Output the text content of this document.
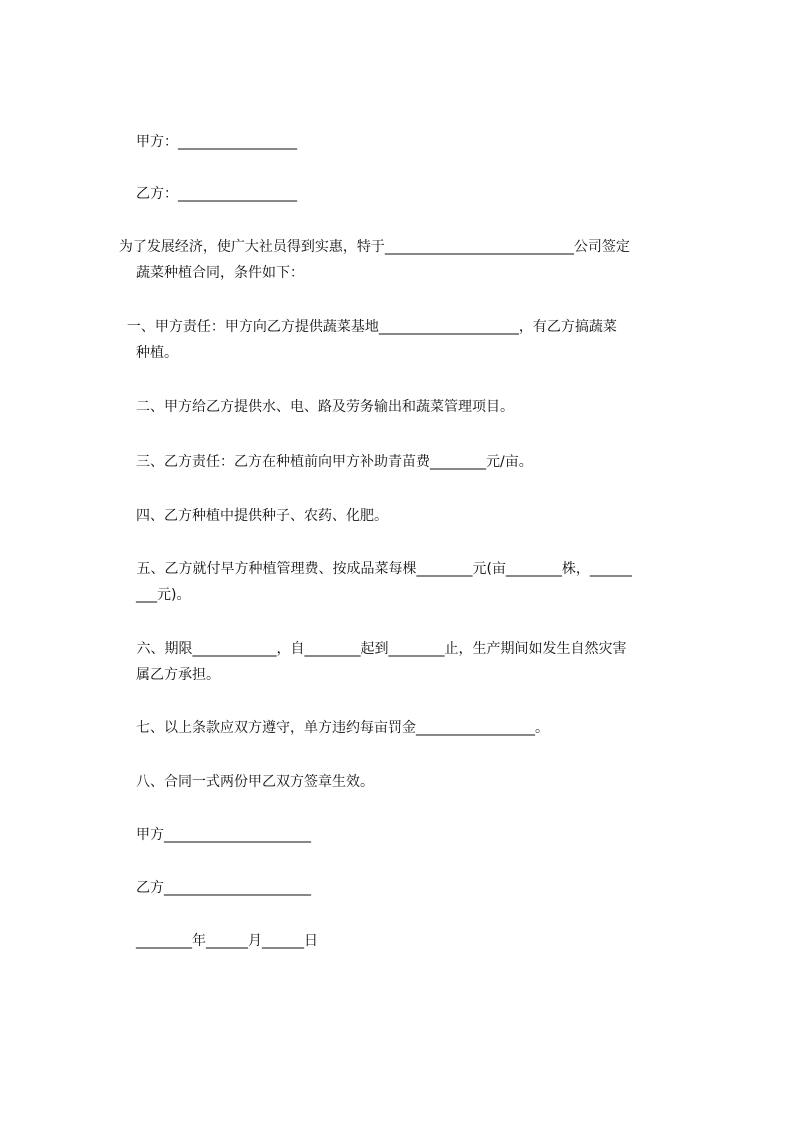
甲方：_________________

乙方：_________________

为了发展经济，使广大社员得到实惠，特于___________________________公司签定

蔬菜种植合同，条件如下：

一、甲方责任：甲方向乙方提供蔬菜基地____________________，有乙方搞蔬菜

种植。

二、甲方给乙方提供水、电、路及劳务输出和蔬菜管理项目。

三、乙方责任：乙方在种植前向甲方补助青苗费________元/亩。

四、乙方种植中提供种子、农药、化肥。

五、乙方就付早方种植管理费、按成品菜每棵________元(亩________株，______

___元)。

六、期限____________，自________起到________止，生产期间如发生自然灾害

属乙方承担。

七、以上条款应双方遵守，单方违约每亩罚金_________________。

八、合同一式两份甲乙双方签章生效。

甲方_____________________

乙方_____________________

________年______月______日
